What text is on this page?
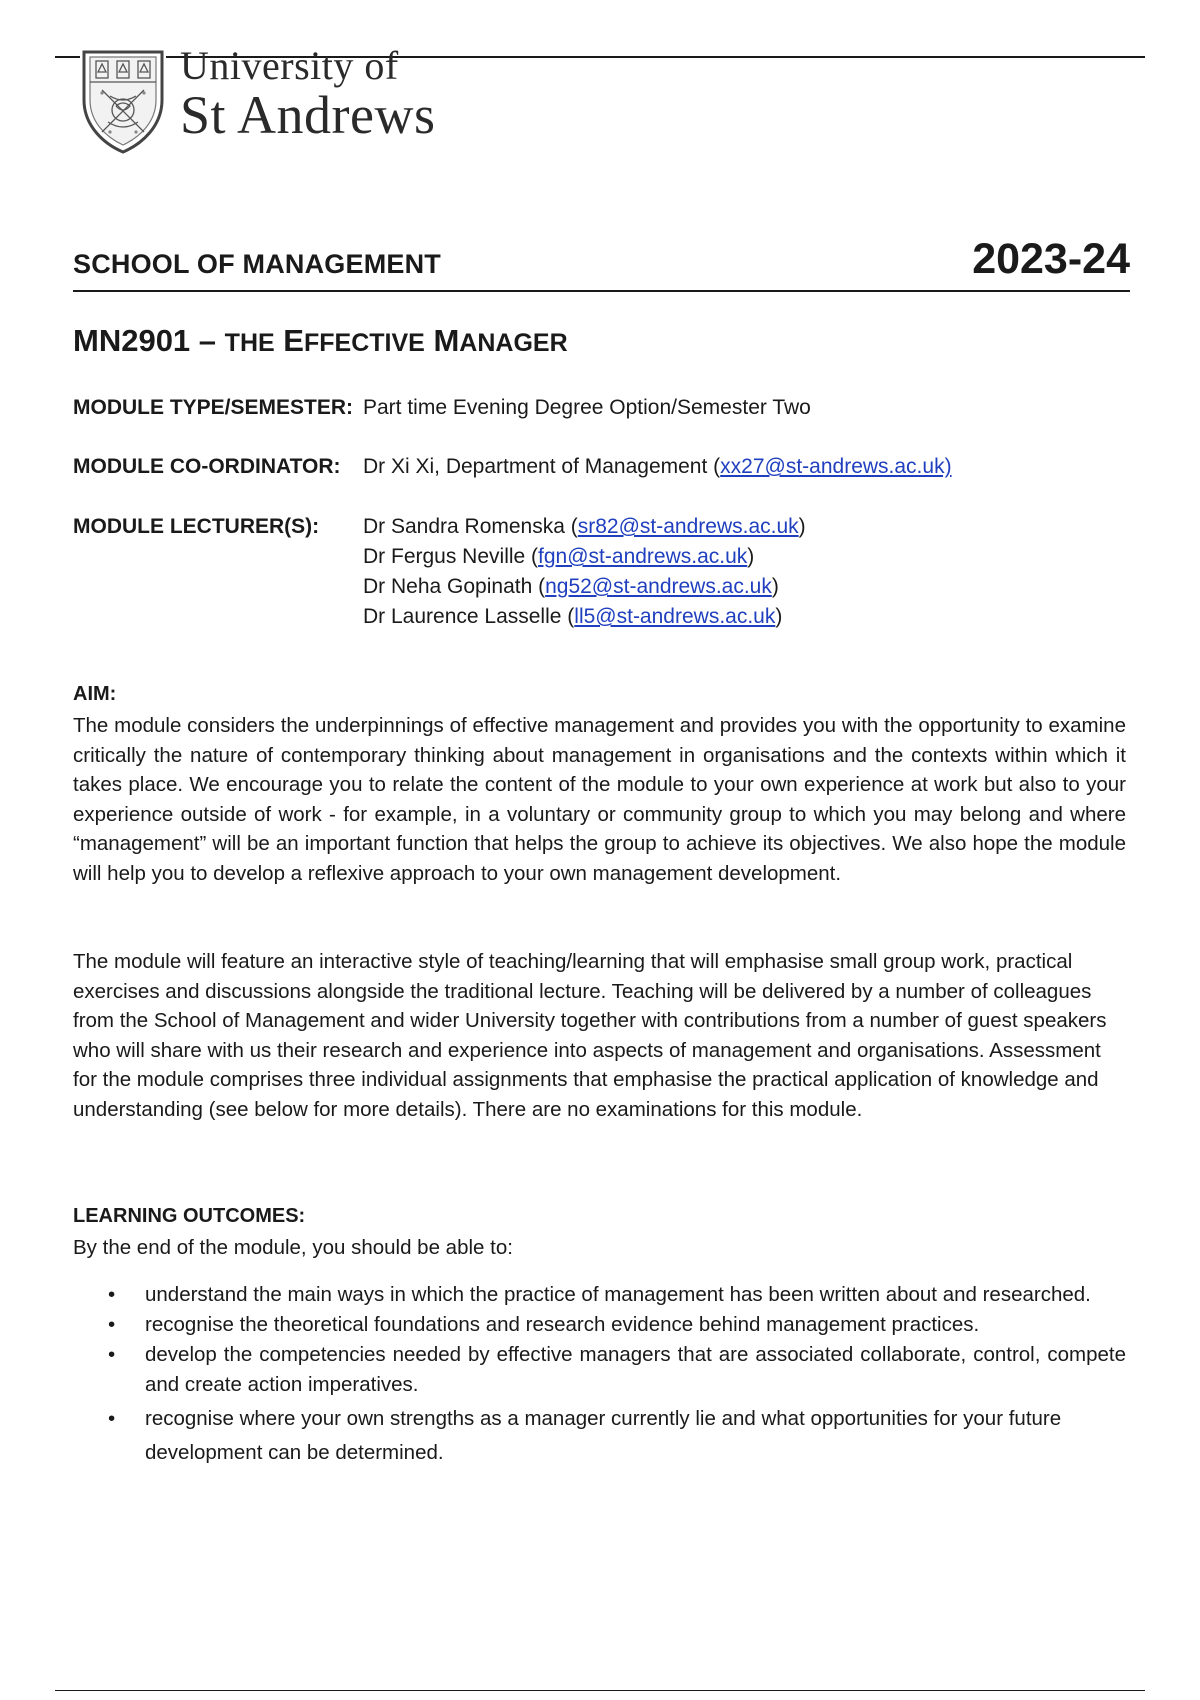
University of
St Andrews
SCHOOL OF MANAGEMENT	2023-24
MN2901 – THE EFFECTIVE MANAGER
MODULE TYPE/SEMESTER: Part time Evening Degree Option/Semester Two
MODULE CO-ORDINATOR: Dr Xi Xi, Department of Management (xx27@st-andrews.ac.uk)
MODULE LECTURER(S): Dr Sandra Romenska (sr82@st-andrews.ac.uk)
Dr Fergus Neville (fgn@st-andrews.ac.uk)
Dr Neha Gopinath (ng52@st-andrews.ac.uk)
Dr Laurence Lasselle (ll5@st-andrews.ac.uk)
AIM:
The module considers the underpinnings of effective management and provides you with the opportunity to examine critically the nature of contemporary thinking about management in organisations and the contexts within which it takes place. We encourage you to relate the content of the module to your own experience at work but also to your experience outside of work - for example, in a voluntary or community group to which you may belong and where “management” will be an important function that helps the group to achieve its objectives. We also hope the module will help you to develop a reflexive approach to your own management development.
The module will feature an interactive style of teaching/learning that will emphasise small group work, practical exercises and discussions alongside the traditional lecture. Teaching will be delivered by a number of colleagues from the School of Management and wider University together with contributions from a number of guest speakers who will share with us their research and experience into aspects of management and organisations. Assessment for the module comprises three individual assignments that emphasise the practical application of knowledge and understanding (see below for more details). There are no examinations for this module.
LEARNING OUTCOMES:
By the end of the module, you should be able to:
• understand the main ways in which the practice of management has been written about and researched.
• recognise the theoretical foundations and research evidence behind management practices.
• develop the competencies needed by effective managers that are associated collaborate, control, compete and create action imperatives.
• recognise where your own strengths as a manager currently lie and what opportunities for your future development can be determined.
